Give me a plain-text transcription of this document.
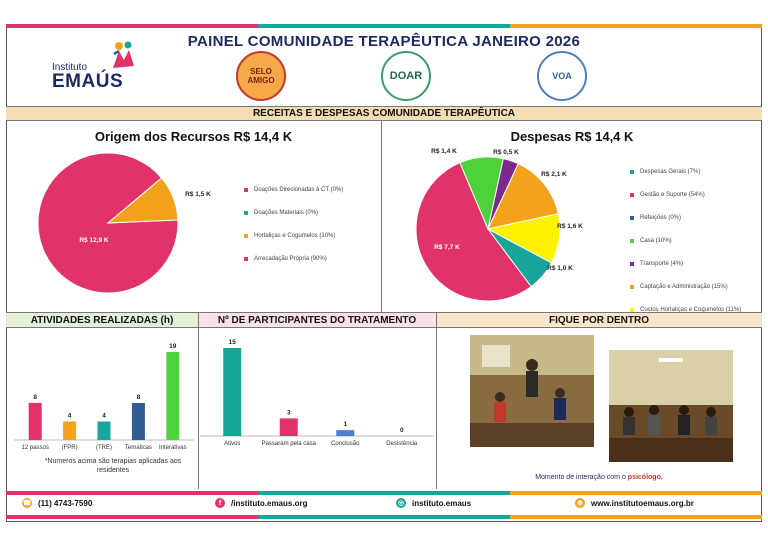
PAINEL COMUNIDADE TERAPÊUTICA JANEIRO 2026
Instituto
EMAÚS	SELO AMIGO	DOAR	VOA
RECEITAS E DESPESAS COMUNIDADE TERAPÊUTICA
Origem dos Recursos R$ 14,4 K	Despesas R$ 14,4 K
R$ 12,9 K
R$ 1,5 K
Doações Direcionadas à CT (0%)
Doações Materiais (0%)
Hortaliças e Cogumelos (10%)
Arrecadação Própria (90%)
R$ 1,0 K
R$ 7,7 K
R$ 1,4 K	R$ 0,5 K
R$ 2,1 K
R$ 1,6 K
Despesas Gerais (7%)
Gestão e Suporte (54%)
Refeições (0%)
Casa (10%)
Transporte (4%)
Captação e Administração (15%)
Custos Hortaliças e Cogumelos (11%)
ATIVIDADES REALIZADAS (h)	Nº DE PARTICIPANTES DO TRATAMENTO	FIQUE POR DENTRO
8
12 passos
4
(FPR)
4
(TRE)
8
Tematicas
19
Interativas
*Numeros acima são terapias aplicadas aos residentes
15
Ativos
3
Passaram pela casa
1
Conclusão
0
Desistência
Momento de interação com o psicólogo.
☎ (11) 4743-7590	f	/instituto.emaus.org	◎ instituto.emaus	⊕ www.institutoemaus.org.br
